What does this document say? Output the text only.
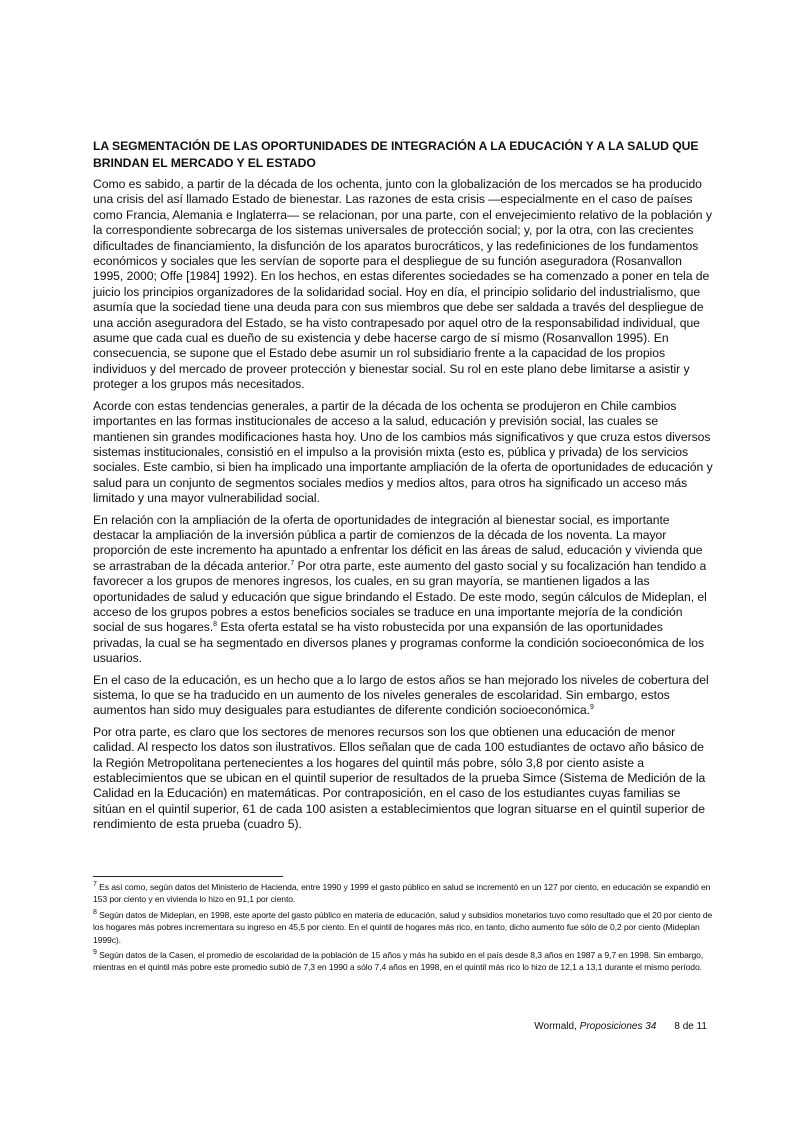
LA SEGMENTACIÓN DE LAS OPORTUNIDADES DE INTEGRACIÓN A LA EDUCACIÓN Y A LA SALUD QUE BRINDAN EL MERCADO Y EL ESTADO

Como es sabido, a partir de la década de los ochenta, junto con la globalización de los mercados se ha producido una crisis del así llamado Estado de bienestar. Las razones de esta crisis —especialmente en el caso de países como Francia, Alemania e Inglaterra— se relacionan, por una parte, con el envejecimiento relativo de la población y la correspondiente sobrecarga de los sistemas universales de protección social; y, por la otra, con las crecientes dificultades de financiamiento, la disfunción de los aparatos burocráticos, y las redefiniciones de los fundamentos económicos y sociales que les servían de soporte para el despliegue de su función aseguradora (Rosanvallon 1995, 2000; Offe [1984] 1992). En los hechos, en estas diferentes sociedades se ha comenzado a poner en tela de juicio los principios organizadores de la solidaridad social. Hoy en día, el principio solidario del industrialismo, que asumía que la sociedad tiene una deuda para con sus miembros que debe ser saldada a través del despliegue de una acción aseguradora del Estado, se ha visto contrapesado por aquel otro de la responsabilidad individual, que asume que cada cual es dueño de su existencia y debe hacerse cargo de sí mismo (Rosanvallon 1995). En consecuencia, se supone que el Estado debe asumir un rol subsidiario frente a la capacidad de los propios individuos y del mercado de proveer protección y bienestar social. Su rol en este plano debe limitarse a asistir y proteger a los grupos más necesitados.

Acorde con estas tendencias generales, a partir de la década de los ochenta se produjeron en Chile cambios importantes en las formas institucionales de acceso a la salud, educación y previsión social, las cuales se mantienen sin grandes modificaciones hasta hoy. Uno de los cambios más significativos y que cruza estos diversos sistemas institucionales, consistió en el impulso a la provisión mixta (esto es, pública y privada) de los servicios sociales. Este cambio, si bien ha implicado una importante ampliación de la oferta de oportunidades de educación y salud para un conjunto de segmentos sociales medios y medios altos, para otros ha significado un acceso más limitado y una mayor vulnerabilidad social.

En relación con la ampliación de la oferta de oportunidades de integración al bienestar social, es importante destacar la ampliación de la inversión pública a partir de comienzos de la década de los noventa. La mayor proporción de este incremento ha apuntado a enfrentar los déficit en las áreas de salud, educación y vivienda que se arrastraban de la década anterior.$^7$ Por otra parte, este aumento del gasto social y su focalización han tendido a favorecer a los grupos de menores ingresos, los cuales, en su gran mayoría, se mantienen ligados a las oportunidades de salud y educación que sigue brindando el Estado. De este modo, según cálculos de Mideplan, el acceso de los grupos pobres a estos beneficios sociales se traduce en una importante mejoría de la condición social de sus hogares.$^8$ Esta oferta estatal se ha visto robustecida por una expansión de las oportunidades privadas, la cual se ha segmentado en diversos planes y programas conforme la condición socioeconómica de los usuarios.

En el caso de la educación, es un hecho que a lo largo de estos años se han mejorado los niveles de cobertura del sistema, lo que se ha traducido en un aumento de los niveles generales de escolaridad. Sin embargo, estos aumentos han sido muy desiguales para estudiantes de diferente condición socioeconómica.$^9$

Por otra parte, es claro que los sectores de menores recursos son los que obtienen una educación de menor calidad. Al respecto los datos son ilustrativos. Ellos señalan que de cada 100 estudiantes de octavo año básico de la Región Metropolitana pertenecientes a los hogares del quintil más pobre, sólo 3,8 por ciento asiste a establecimientos que se ubican en el quintil superior de resultados de la prueba Simce (Sistema de Medición de la Calidad en la Educación) en matemáticas. Por contraposición, en el caso de los estudiantes cuyas familias se sitúan en el quintil superior, 61 de cada 100 asisten a establecimientos que logran situarse en el quintil superior de rendimiento de esta prueba (cuadro 5).

$^7$ Es así como, según datos del Ministerio de Hacienda, entre 1990 y 1999 el gasto público en salud se incrementó en un 127 por ciento, en educación se expandió en 153 por ciento y en vivienda lo hizo en 91,1 por ciento.

$^8$ Según datos de Mideplan, en 1998, este aporte del gasto público en materia de educación, salud y subsidios monetarios tuvo como resultado que el 20 por ciento de los hogares más pobres incrementara su ingreso en 45,5 por ciento. En el quintil de hogares más rico, en tanto, dicho aumento fue sólo de 0,2 por ciento (Mideplan 1999c).

$^9$ Según datos de la Casen, el promedio de escolaridad de la población de 15 años y más ha subido en el país desde 8,3 años en 1987 a 9,7 en 1998. Sin embargo, mientras en el quintil más pobre este promedio subió de 7,3 en 1990 a sólo 7,4 años en 1998, en el quintil más rico lo hizo de 12,1 a 13,1 durante el mismo período.

Wormald, Proposiciones 34 8 de 11
